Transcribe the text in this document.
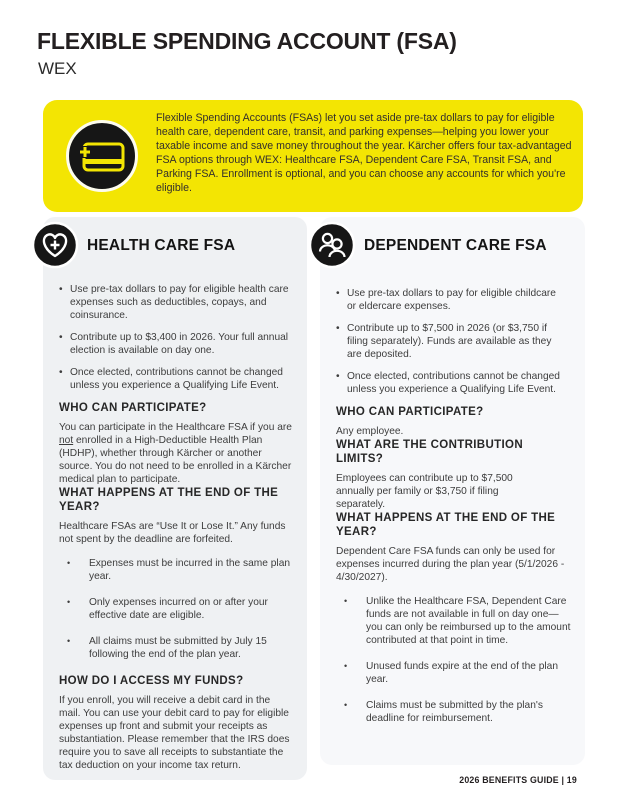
FLEXIBLE SPENDING ACCOUNT (FSA)
WEX

Flexible Spending Accounts (FSAs) let you set aside pre-tax dollars to pay for eligible health care, dependent care, transit, and parking expenses—helping you lower your taxable income and save money throughout the year. Kärcher offers four tax-advantaged FSA options through WEX: Healthcare FSA, Dependent Care FSA, Transit FSA, and Parking FSA. Enrollment is optional, and you can choose any accounts for which you're eligible.

HEALTH CARE FSA
• Use pre-tax dollars to pay for eligible health care expenses such as deductibles, copays, and coinsurance.
• Contribute up to $3,400 in 2026. Your full annual election is available on day one.
• Once elected, contributions cannot be changed unless you experience a Qualifying Life Event.
WHO CAN PARTICIPATE?

You can participate in the Healthcare FSA if you are not enrolled in a High-Deductible Health Plan (HDHP), whether through Kärcher or another source. You do not need to be enrolled in a Kärcher medical plan to participate.

WHAT HAPPENS AT THE END OF THE YEAR?

Healthcare FSAs are “Use It or Lose It.” Any funds not spent by the deadline are forfeited.

• Expenses must be incurred in the same plan year.
• Only expenses incurred on or after your effective date are eligible.
• All claims must be submitted by July 15 following the end of the plan year.
HOW DO I ACCESS MY FUNDS?

If you enroll, you will receive a debit card in the mail. You can use your debit card to pay for eligible expenses up front and submit your receipts as substantiation. Please remember that the IRS does require you to save all receipts to substantiate the tax deduction on your income tax return.

DEPENDENT CARE FSA
• Use pre-tax dollars to pay for eligible childcare or eldercare expenses.
• Contribute up to $7,500 in 2026 (or $3,750 if filing separately). Funds are available as they are deposited.
• Once elected, contributions cannot be changed unless you experience a Qualifying Life Event.
WHO CAN PARTICIPATE?

Any employee.

WHAT ARE THE CONTRIBUTION LIMITS?

Employees can contribute up to $7,500 annually per family or $3,750 if filing separately.

WHAT HAPPENS AT THE END OF THE YEAR?

Dependent Care FSA funds can only be used for expenses incurred during the plan year (5/1/2026 - 4/30/2027).

• Unlike the Healthcare FSA, Dependent Care funds are not available in full on day one—you can only be reimbursed up to the amount contributed at that point in time.
• Unused funds expire at the end of the plan year.
• Claims must be submitted by the plan's deadline for reimbursement.
2026 BENEFITS GUIDE | 19
